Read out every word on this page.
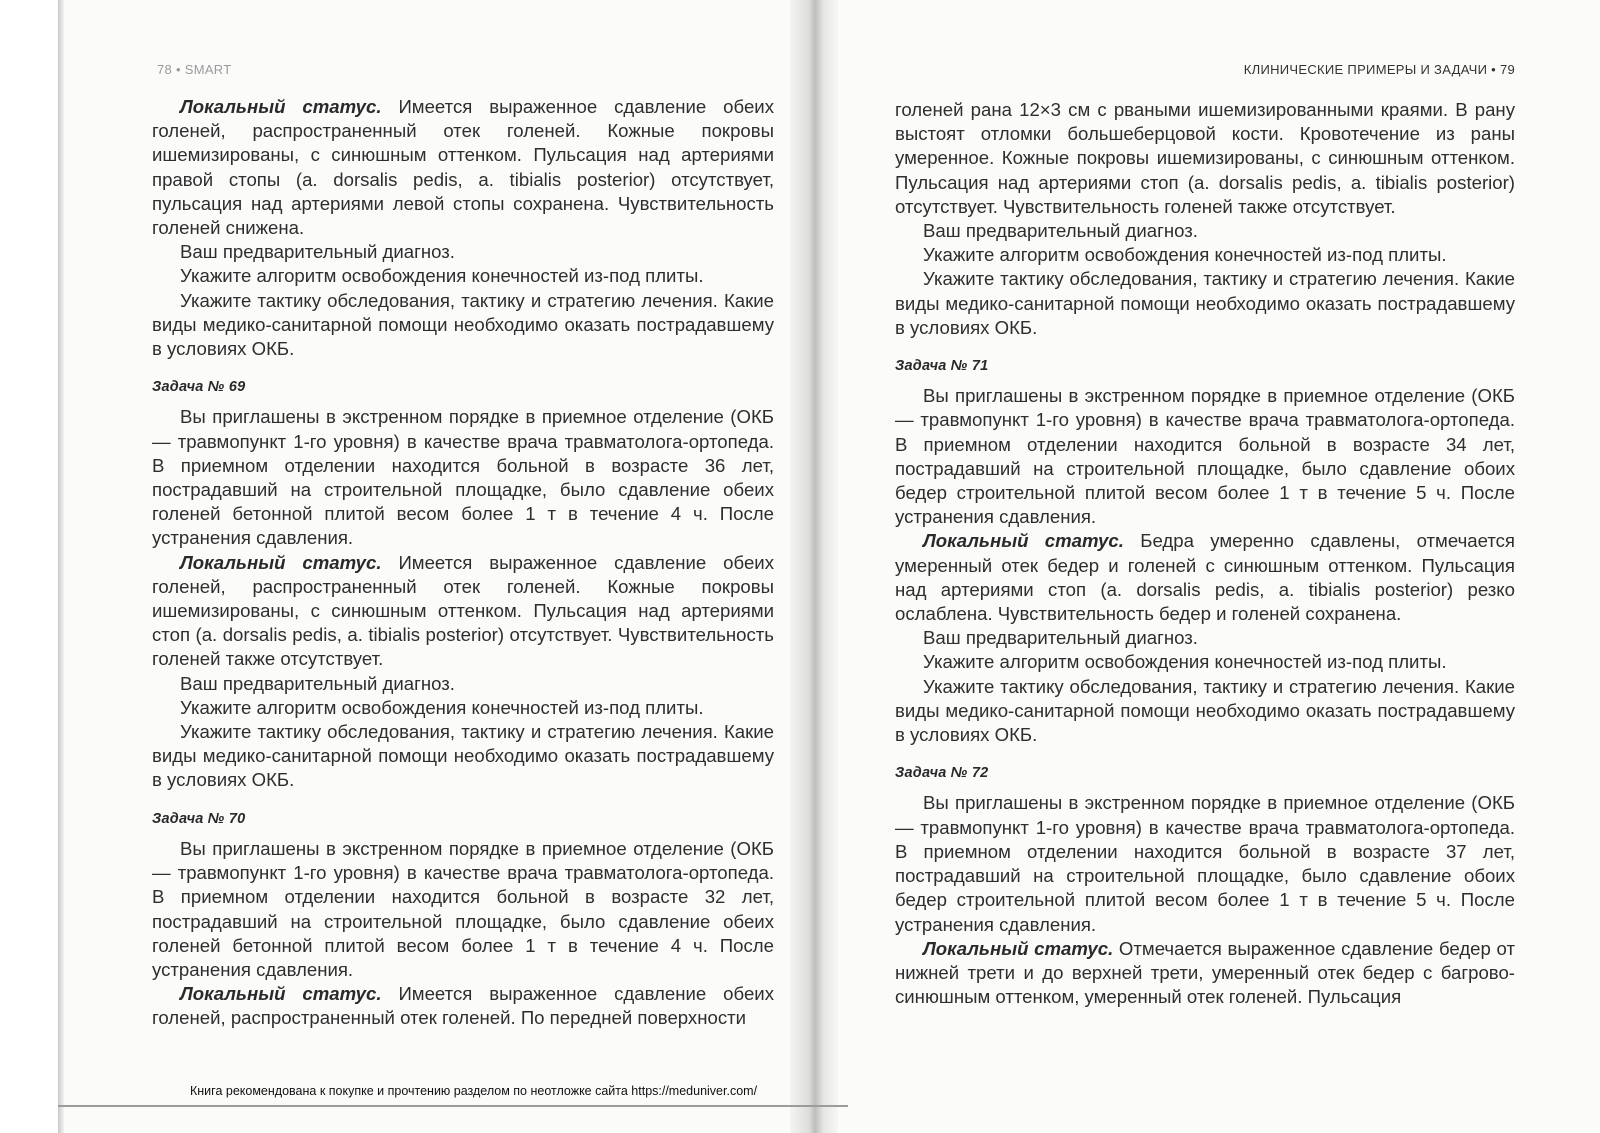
78 • SMART	КЛИНИЧЕСКИЕ ПРИМЕРЫ И ЗАДАЧИ • 79

Локальный статус. Имеется выраженное сдавление обеих голеней, распространенный отек голеней. Кожные покровы ишемизированы, с синюшным оттенком. Пульсация над артериями правой стопы (a. dorsalis pedis, a. tibialis posterior) отсутствует, пульсация над артериями левой стопы сохранена. Чувствительность голеней снижена.

Ваш предварительный диагноз.

Укажите алгоритм освобождения конечностей из-под плиты.

Укажите тактику обследования, тактику и стратегию лечения. Какие виды медико-санитарной помощи необходимо оказать пострадавшему в условиях ОКБ.

Задача № 69

Вы приглашены в экстренном порядке в приемное отделение (ОКБ — травмопункт 1-го уровня) в качестве врача травматолога-ортопеда. В приемном отделении находится больной в возрасте 36 лет, пострадавший на строительной площадке, было сдавление обеих голеней бетонной плитой весом более 1 т в течение 4 ч. После устранения сдавления.

Локальный статус. Имеется выраженное сдавление обеих голеней, распространенный отек голеней. Кожные покровы ишемизированы, с синюшным оттенком. Пульсация над артериями стоп (a. dorsalis pedis, a. tibialis posterior) отсутствует. Чувствительность голеней также отсутствует.

Ваш предварительный диагноз.

Укажите алгоритм освобождения конечностей из-под плиты.

Укажите тактику обследования, тактику и стратегию лечения. Какие виды медико-санитарной помощи необходимо оказать пострадавшему в условиях ОКБ.

Задача № 70

Вы приглашены в экстренном порядке в приемное отделение (ОКБ — травмопункт 1-го уровня) в качестве врача травматолога-ортопеда. В приемном отделении находится больной в возрасте 32 лет, пострадавший на строительной площадке, было сдавление обеих голеней бетонной плитой весом более 1 т в течение 4 ч. После устранения сдавления.

Локальный статус. Имеется выраженное сдавление обеих голеней, распространенный отек голеней. По передней поверхности

голеней рана 12×3 см с рваными ишемизированными краями. В рану выстоят отломки большеберцовой кости. Кровотечение из раны умеренное. Кожные покровы ишемизированы, с синюшным оттенком. Пульсация над артериями стоп (a. dorsalis pedis, a. tibialis posterior) отсутствует. Чувствительность голеней также отсутствует.

Ваш предварительный диагноз.

Укажите алгоритм освобождения конечностей из-под плиты.

Укажите тактику обследования, тактику и стратегию лечения. Какие виды медико-санитарной помощи необходимо оказать пострадавшему в условиях ОКБ.

Задача № 71

Вы приглашены в экстренном порядке в приемное отделение (ОКБ — травмопункт 1-го уровня) в качестве врача травматолога-ортопеда. В приемном отделении находится больной в возрасте 34 лет, пострадавший на строительной площадке, было сдавление обоих бедер строительной плитой весом более 1 т в течение 5 ч. После устранения сдавления.

Локальный статус. Бедра умеренно сдавлены, отмечается умеренный отек бедер и голеней с синюшным оттенком. Пульсация над артериями стоп (a. dorsalis pedis, a. tibialis posterior) резко ослаблена. Чувствительность бедер и голеней сохранена.

Ваш предварительный диагноз.

Укажите алгоритм освобождения конечностей из-под плиты.

Укажите тактику обследования, тактику и стратегию лечения. Какие виды медико-санитарной помощи необходимо оказать пострадавшему в условиях ОКБ.

Задача № 72

Вы приглашены в экстренном порядке в приемное отделение (ОКБ — травмопункт 1-го уровня) в качестве врача травматолога-ортопеда. В приемном отделении находится больной в возрасте 37 лет, пострадавший на строительной площадке, было сдавление обоих бедер строительной плитой весом более 1 т в течение 5 ч. После устранения сдавления.

Локальный статус. Отмечается выраженное сдавление бедер от нижней трети и до верхней трети, умеренный отек бедер с багрово-синюшным оттенком, умеренный отек голеней. Пульсация

Книга рекомендована к покупке и прочтению разделом по неотложке сайта https://meduniver.com/
